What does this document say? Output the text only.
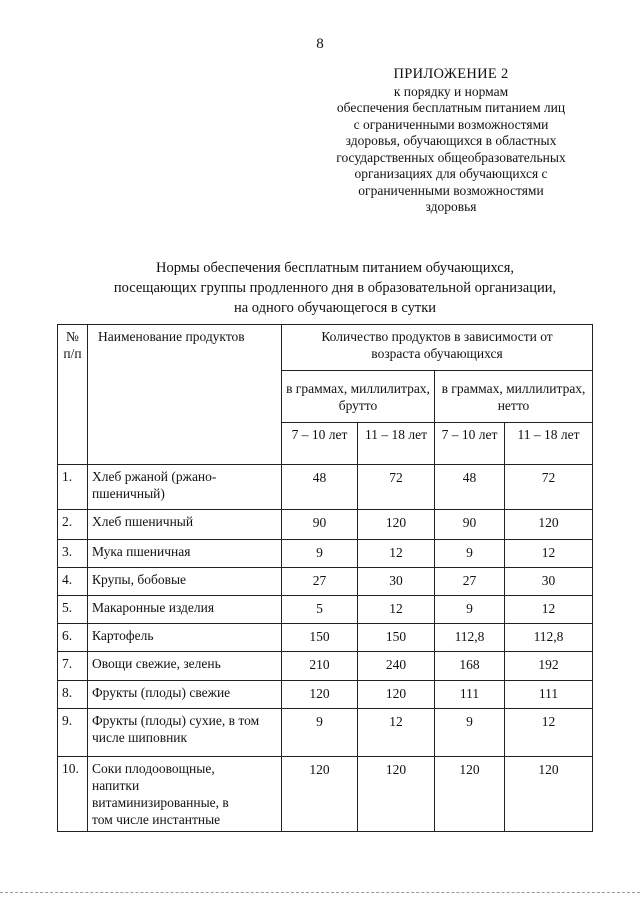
8
ПРИЛОЖЕНИЕ 2
к порядку и нормам
обеспечения бесплатным питанием лиц
с ограниченными возможностями
здоровья, обучающихся в областных
государственных общеобразовательных
организациях для обучающихся с
ограниченными возможностями
здоровья
Нормы обеспечения бесплатным питанием обучающихся,
посещающих группы продленного дня в образовательной организации,
на одного обучающегося в сутки
№ п/п	Наименование продуктов	Количество продуктов в зависимости от возраста обучающихся			
		в граммах, миллилитрах, брутто		в граммах, миллилитрах, нетто	
		7 – 10 лет	11 – 18 лет	7 – 10 лет	11 – 18 лет
1.	Хлеб ржаной (ржано-пшеничный)	48	72	48	72
2.	Хлеб пшеничный	90	120	90	120
3.	Мука пшеничная	9	12	9	12
4.	Крупы, бобовые	27	30	27	30
5.	Макаронные изделия	5	12	9	12
6.	Картофель	150	150	112,8	112,8
7.	Овощи свежие, зелень	210	240	168	192
8.	Фрукты (плоды) свежие	120	120	111	111
9.	Фрукты (плоды) сухие, в том числе шиповник	9	12	9	12
10.	Соки плодоовощные, напитки витаминизированные, в том числе инстантные	120	120	120	120
